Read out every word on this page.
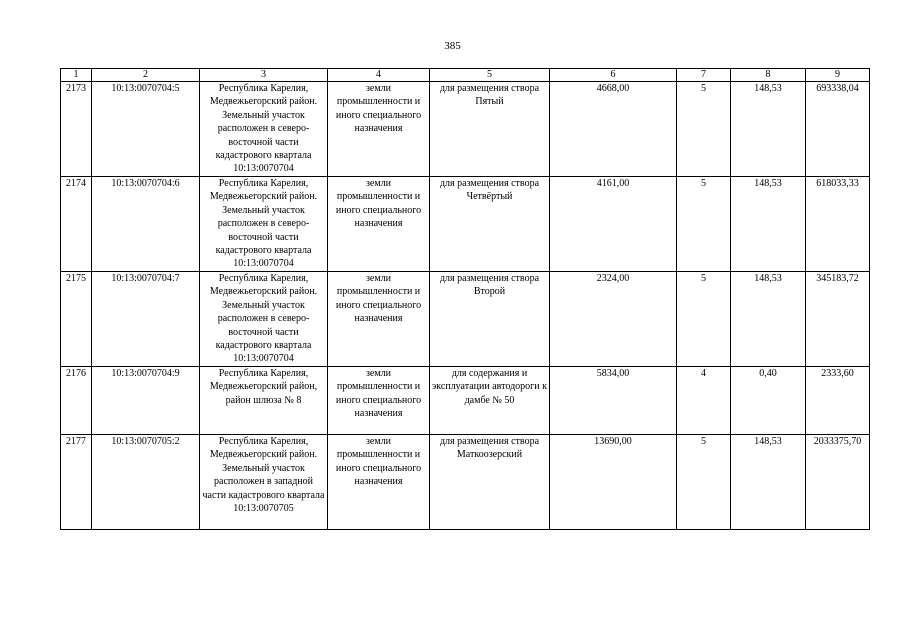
385
1	2	3	4	5	6	7	8	9
2173	10:13:0070704:5	Республика Карелия, Медвежьегорский район. Земельный участок расположен в северо-восточной части кадастрового квартала 10:13:0070704	земли промышленности и иного специального назначения	для размещения створа Пятый	4668,00	5	148,53	693338,04
2174	10:13:0070704:6	Республика Карелия, Медвежьегорский район. Земельный участок расположен в северо-восточной части кадастрового квартала 10:13:0070704	земли промышленности и иного специального назначения	для размещения створа Четвёртый	4161,00	5	148,53	618033,33
2175	10:13:0070704:7	Республика Карелия, Медвежьегорский район. Земельный участок расположен в северо-восточной части кадастрового квартала 10:13:0070704	земли промышленности и иного специального назначения	для размещения створа Второй	2324,00	5	148,53	345183,72
2176	10:13:0070704:9	Республика Карелия, Медвежьегорский район, район шлюза № 8	земли промышленности и иного специального назначения	для содержания и эксплуатации автодороги к дамбе № 50	5834,00	4	0,40	2333,60
2177	10:13:0070705:2	Республика Карелия, Медвежьегорский район. Земельный участок расположен в западной части кадастрового квартала 10:13:0070705	земли промышленности и иного специального назначения	для размещения створа Маткоозерский	13690,00	5	148,53	2033375,70
